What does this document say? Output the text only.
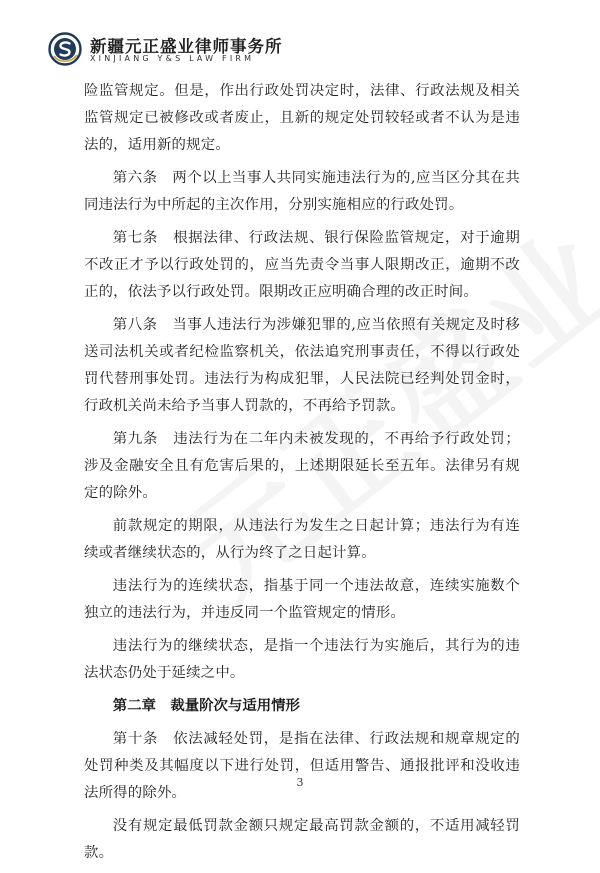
新疆元正盛业律师事务所
XINJIANG Y&S LAW FIRM

险监管规定。但是，作出行政处罚决定时，法律、行政法规及相关监管规定已被修改或者废止，且新的规定处罚较轻或者不认为是违法的，适用新的规定。

第六条　两个以上当事人共同实施违法行为的,应当区分其在共同违法行为中所起的主次作用，分别实施相应的行政处罚。

第七条　根据法律、行政法规、银行保险监管规定，对于逾期不改正才予以行政处罚的，应当先责令当事人限期改正，逾期不改正的，依法予以行政处罚。限期改正应明确合理的改正时间。

第八条　当事人违法行为涉嫌犯罪的,应当依照有关规定及时移送司法机关或者纪检监察机关，依法追究刑事责任，不得以行政处罚代替刑事处罚。违法行为构成犯罪，人民法院已经判处罚金时，行政机关尚未给予当事人罚款的，不再给予罚款。

第九条　违法行为在二年内未被发现的，不再给予行政处罚；涉及金融安全且有危害后果的，上述期限延长至五年。法律另有规定的除外。

前款规定的期限，从违法行为发生之日起计算；违法行为有连续或者继续状态的，从行为终了之日起计算。

违法行为的连续状态，指基于同一个违法故意，连续实施数个独立的违法行为，并违反同一个监管规定的情形。

违法行为的继续状态，是指一个违法行为实施后，其行为的违法状态仍处于延续之中。

第二章　裁量阶次与适用情形

第十条　依法减轻处罚，是指在法律、行政法规和规章规定的处罚种类及其幅度以下进行处罚，但适用警告、通报批评和没收违法所得的除外。

没有规定最低罚款金额只规定最高罚款金额的，不适用减轻罚款。

3
